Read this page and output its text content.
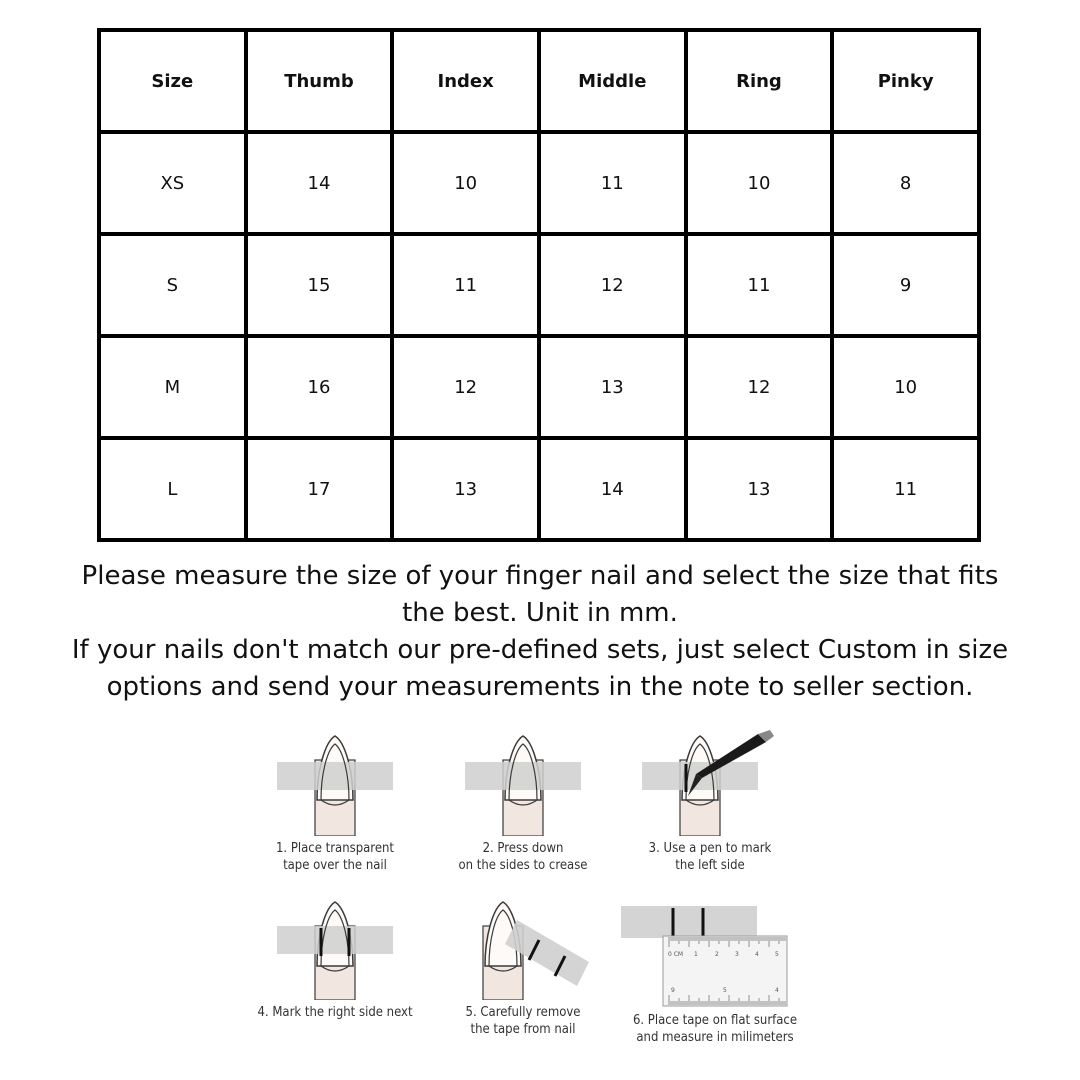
Size	Thumb	Index	Middle	Ring	Pinky
XS	14	10	11	10	8
S	15	11	12	11	9
M	16	12	13	12	10
L	17	13	14	13	11

Please measure the size of your finger nail and select the size that fits the best. Unit in mm.

If your nails don't match our pre-defined sets, just select Custom in size options and send your measurements in the note to seller section.

1. Place transparent
tape over the nail
2. Press down
on the sides to crease
3. Use a pen to mark
the left side
4. Mark the right side next	5. Carefully remove
the tape from nail
0 CM 1	2	3	4	5
9	5	4
6. Place tape on flat surface
and measure in milimeters
